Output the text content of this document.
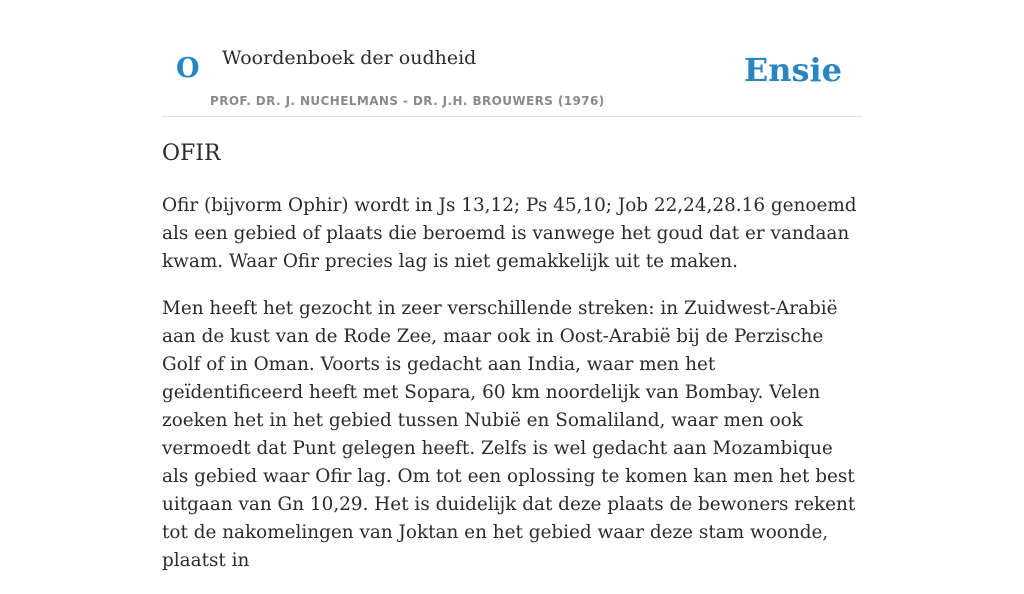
O Woordenboek der oudheid
PROF. DR. J. NUCHELMANS - DR. J.H. BROUWERS (1976)
Ensie
OFIR

Ofir (bijvorm Ophir) wordt in Js 13,12; Ps 45,10; Job 22,24,28.16 genoemd als een gebied of plaats die beroemd is vanwege het goud dat er vandaan kwam. Waar Ofir precies lag is niet gemakkelijk uit te maken.

Men heeft het gezocht in zeer verschillende streken: in Zuidwest-Arabië aan de kust van de Rode Zee, maar ook in Oost-Arabië bij de Perzische Golf of in Oman. Voorts is gedacht aan India, waar men het geïdentificeerd heeft met Sopara, 60 km noordelijk van Bombay. Velen zoeken het in het gebied tussen Nubië en Somaliland, waar men ook vermoedt dat Punt gelegen heeft. Zelfs is wel gedacht aan Mozambique als gebied waar Ofir lag. Om tot een oplossing te komen kan men het best uitgaan van Gn 10,29. Het is duidelijk dat deze plaats de bewoners rekent tot de nakomelingen van Joktan en het gebied waar deze stam woonde, plaatst in
